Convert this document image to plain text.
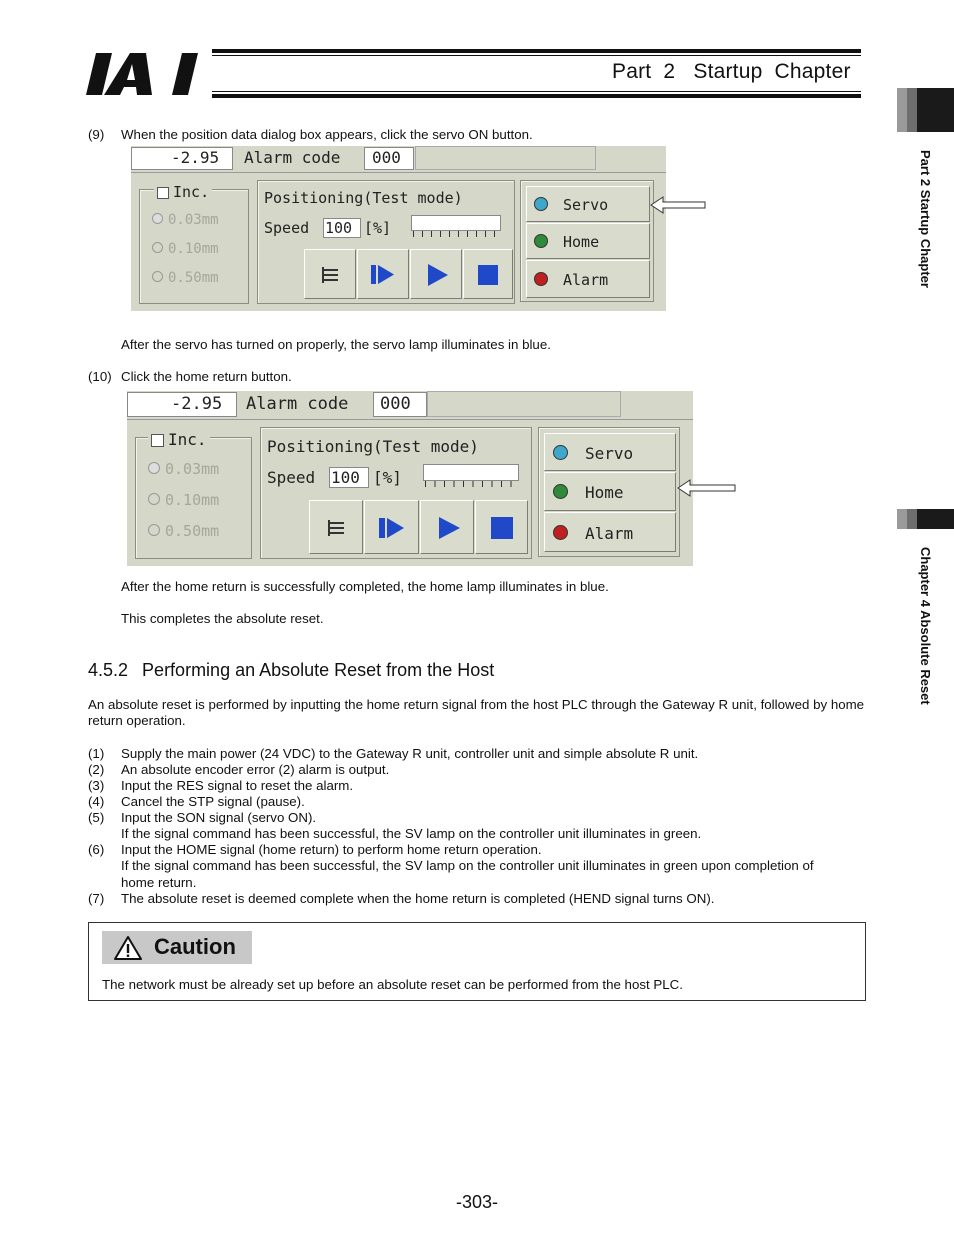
Part  2   Startup  Chapter
Part 2 Startup Chapter
Chapter 4 Absolute Reset
(9) When the position data dialog box appears, click the servo ON button.
-2.95 Alarm code 000
Inc.
0.03mm
0.10mm
0.50mm
Positioning(Test mode)
Speed 100 [%]
Servo
Home
Alarm
After the servo has turned on properly, the servo lamp illuminates in blue.
(10) Click the home return button.
-2.95 Alarm code 000
Inc.
0.03mm
0.10mm
0.50mm
Positioning(Test mode)
Speed 100 [%]
Servo
Home
Alarm
After the home return is successfully completed, the home lamp illuminates in blue.
This completes the absolute reset.
4.5.2 Performing an Absolute Reset from the Host
An absolute reset is performed by inputting the home return signal from the host PLC through the Gateway R unit, followed by home return operation.
(1) Supply the main power (24 VDC) to the Gateway R unit, controller unit and simple absolute R unit.
(2) An absolute encoder error (2) alarm is output.
(3) Input the RES signal to reset the alarm.
(4) Cancel the STP signal (pause).
(5) Input the SON signal (servo ON).
If the signal command has been successful, the SV lamp on the controller unit illuminates in green.
(6) Input the HOME signal (home return) to perform home return operation.
If the signal command has been successful, the SV lamp on the controller unit illuminates in green upon completion of
home return.
(7) The absolute reset is deemed complete when the home return is completed (HEND signal turns ON).
Caution
The network must be already set up before an absolute reset can be performed from the host PLC.
-303-
